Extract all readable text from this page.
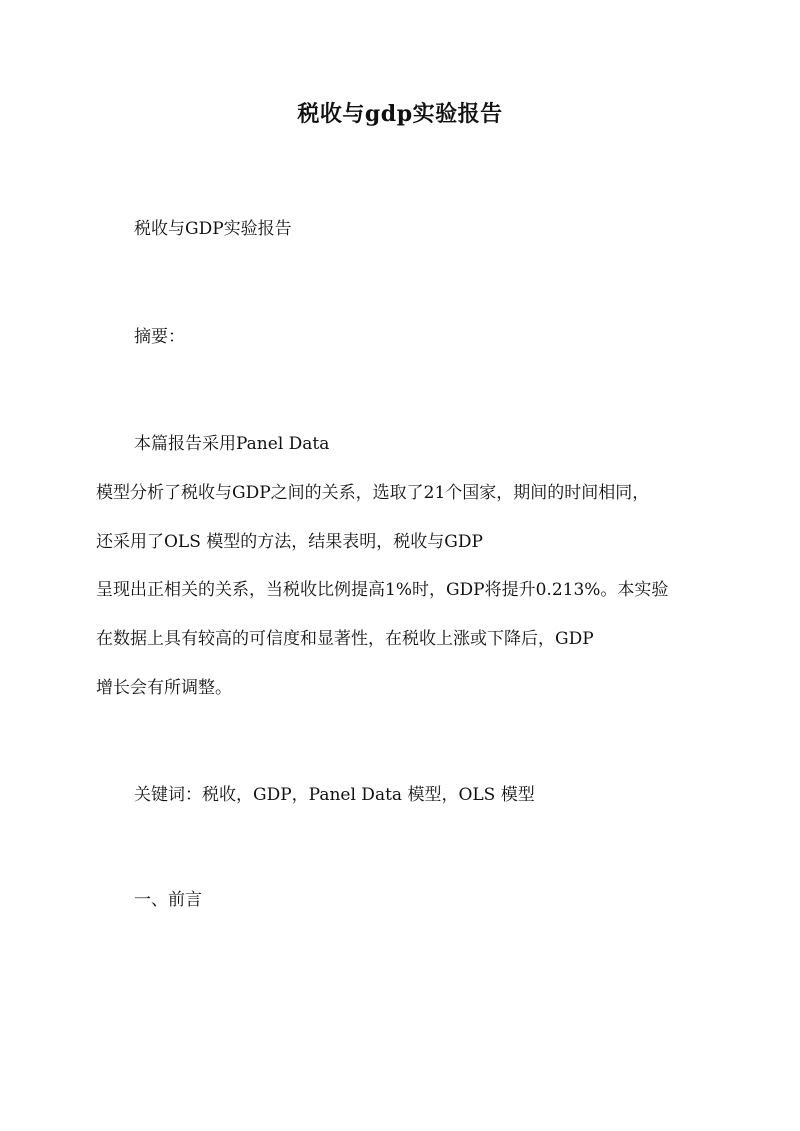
税收与gdp实验报告
税收与GDP实验报告
摘要：
本篇报告采用Panel Data
模型分析了税收与GDP之间的关系，选取了21个国家，期间的时间相同，
还采用了OLS 模型的方法，结果表明，税收与GDP
呈现出正相关的关系，当税收比例提高1%时，GDP将提升0.213%。本实验
在数据上具有较高的可信度和显著性，在税收上涨或下降后，GDP
增长会有所调整。
关键词：税收，GDP，Panel Data 模型，OLS 模型
一、前言
